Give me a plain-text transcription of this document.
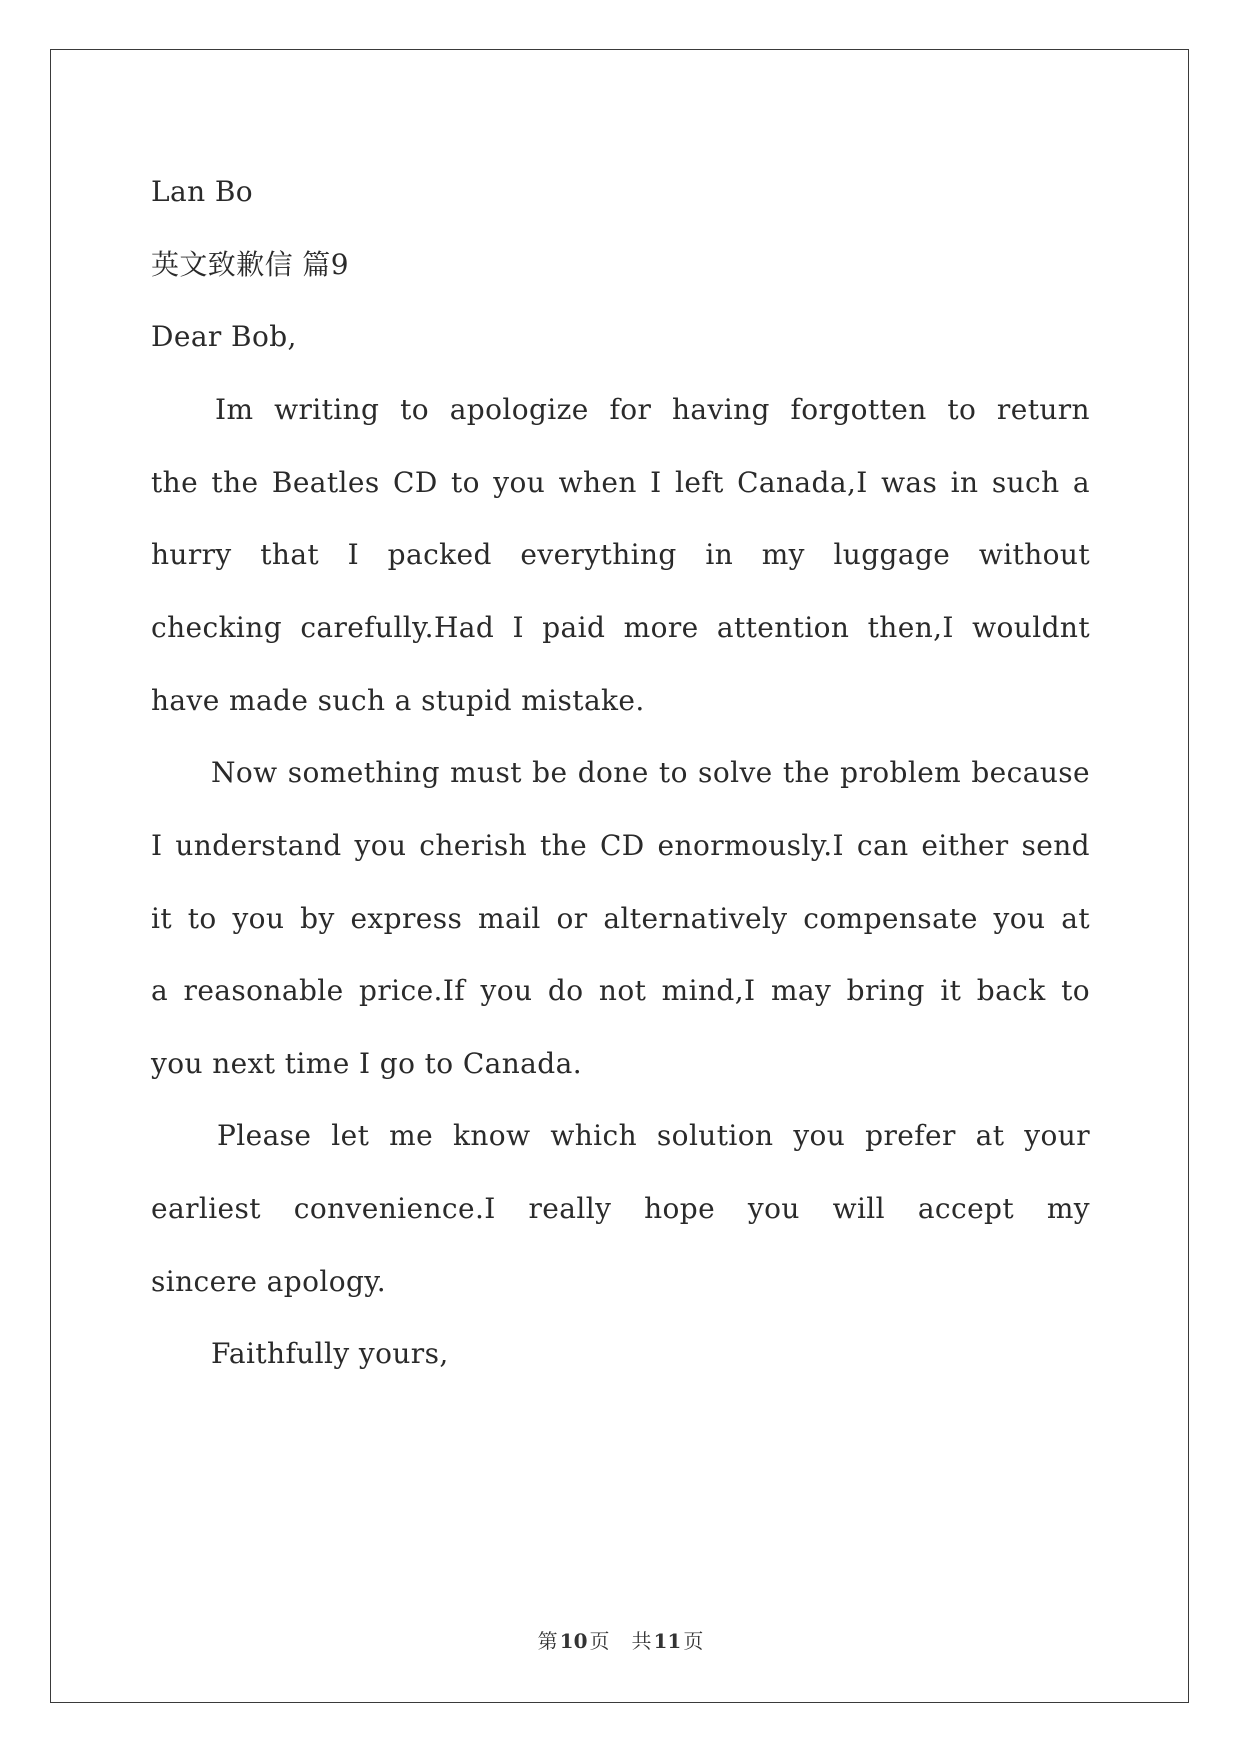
Lan Bo
英文致歉信 篇9
Dear Bob,
Im writing to apologize for having forgotten to return
the the Beatles CD to you when I left Canada,I was in such a
hurry that I packed everything in my luggage without
checking carefully.Had I paid more attention then,I wouldnt
have made such a stupid mistake.
Now something must be done to solve the problem because
I understand you cherish the CD enormously.I can either send
it to you by express mail or alternatively compensate you at
a reasonable price.If you do not mind,I may bring it back to
you next time I go to Canada.
Please let me know which solution you prefer at your
earliest convenience.I really hope you will accept my
sincere apology.
Faithfully yours,
第 10 页 共 11 页
